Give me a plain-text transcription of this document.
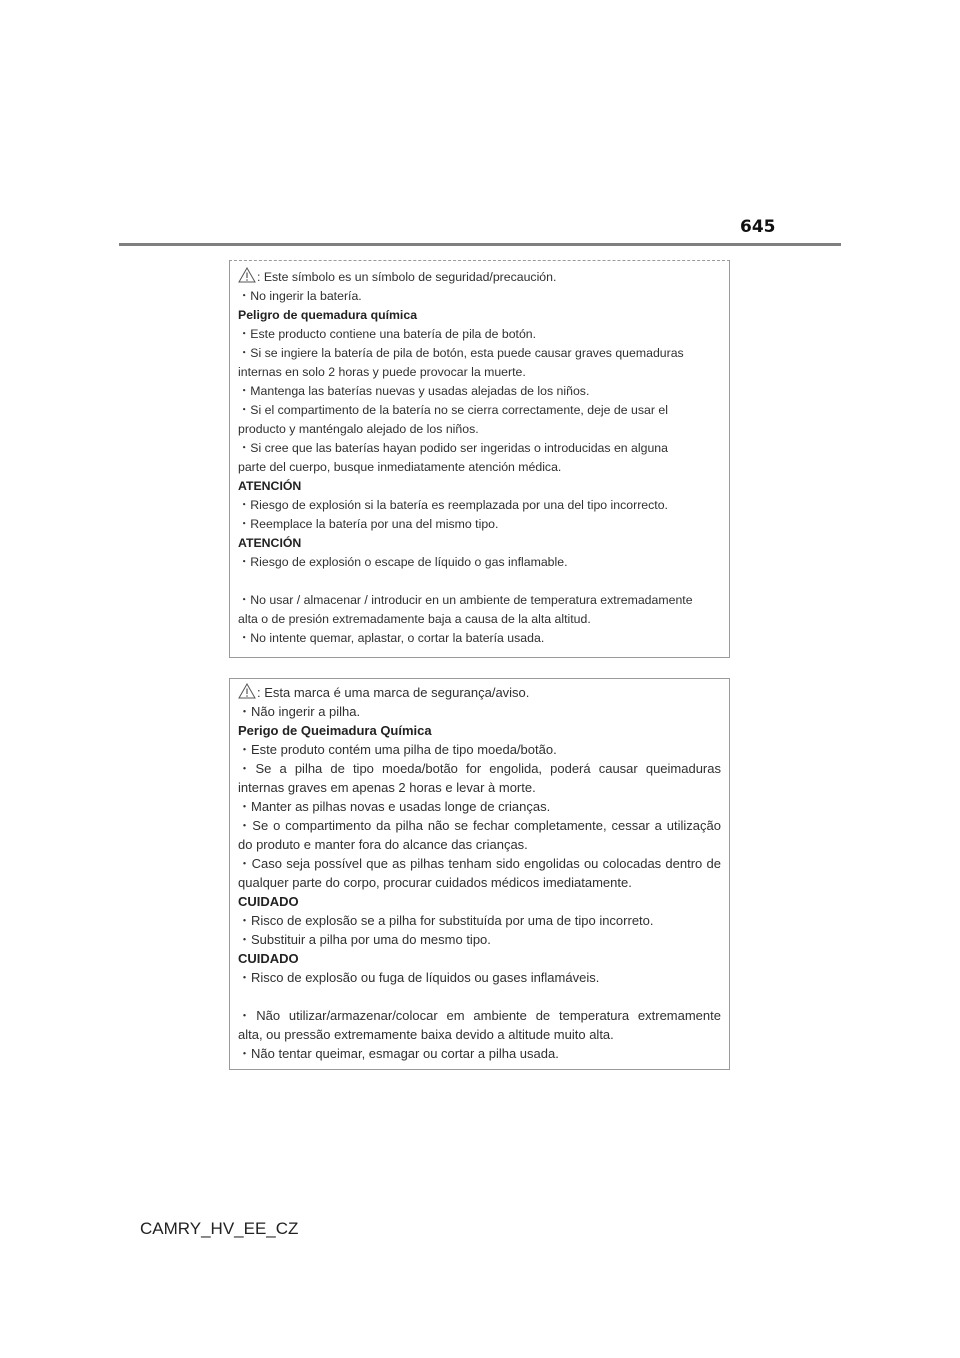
645

: Este símbolo es un símbolo de seguridad/precaución.

・No ingerir la batería.

Peligro de quemadura química

・Este producto contiene una batería de pila de botón.

・Si se ingiere la batería de pila de botón, esta puede causar graves quemaduras

internas en solo 2 horas y puede provocar la muerte.

・Mantenga las baterías nuevas y usadas alejadas de los niños.

・Si el compartimento de la batería no se cierra correctamente, deje de usar el

producto y manténgalo alejado de los niños.

・Si cree que las baterías hayan podido ser ingeridas o introducidas en alguna

parte del cuerpo, busque inmediatamente atención médica.

ATENCIÓN

・Riesgo de explosión si la batería es reemplazada por una del tipo incorrecto.

・Reemplace la batería por una del mismo tipo.

ATENCIÓN

・Riesgo de explosión o escape de líquido o gas inflamable.

・No usar / almacenar / introducir en un ambiente de temperatura extremadamente

alta o de presión extremadamente baja a causa de la alta altitud.

・No intente quemar, aplastar, o cortar la batería usada.

: Esta marca é uma marca de segurança/aviso.

・Não ingerir a pilha.

Perigo de Queimadura Química

・Este produto contém uma pilha de tipo moeda/botão.

・Se a pilha de tipo moeda/botão for engolida, poderá causar queimaduras

internas graves em apenas 2 horas e levar à morte.

・Manter as pilhas novas e usadas longe de crianças.

・Se o compartimento da pilha não se fechar completamente, cessar a utilização

do produto e manter fora do alcance das crianças.

・Caso seja possível que as pilhas tenham sido engolidas ou colocadas dentro de

qualquer parte do corpo, procurar cuidados médicos imediatamente.

CUIDADO

・Risco de explosão se a pilha for substituída por uma de tipo incorreto.

・Substituir a pilha por uma do mesmo tipo.

CUIDADO

・Risco de explosão ou fuga de líquidos ou gases inflamáveis.

・Não utilizar/armazenar/colocar em ambiente de temperatura extremamente

alta, ou pressão extremamente baixa devido a altitude muito alta.

・Não tentar queimar, esmagar ou cortar a pilha usada.

CAMRY_HV_EE_CZ
